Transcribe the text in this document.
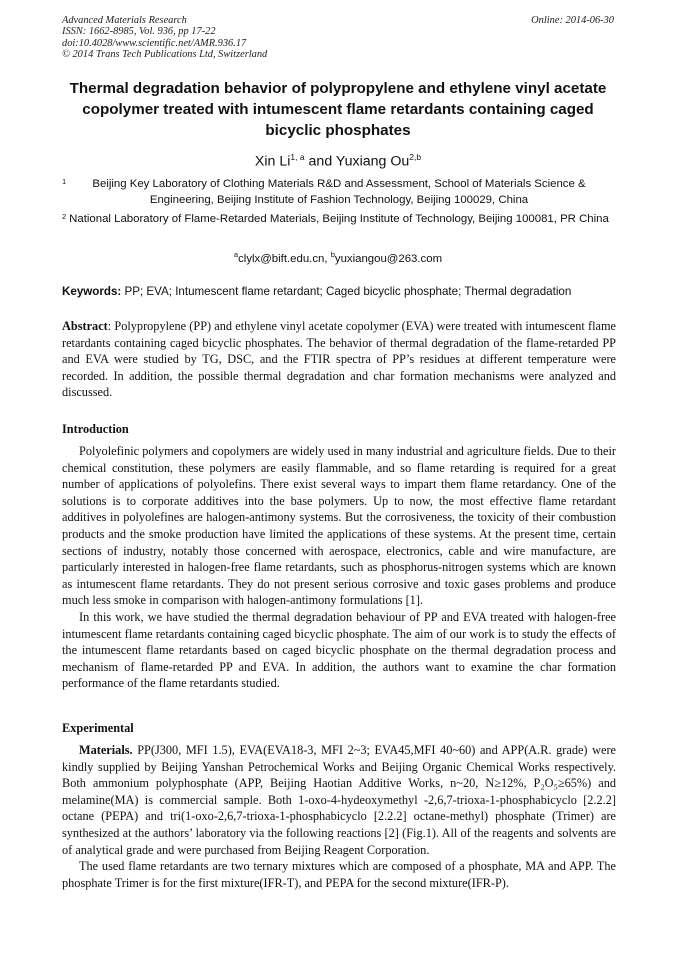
Advanced Materials Research
ISSN: 1662-8985, Vol. 936, pp 17-22
doi:10.4028/www.scientific.net/AMR.936.17
© 2014 Trans Tech Publications Ltd, Switzerland
Online: 2014-06-30
Thermal degradation behavior of polypropylene and ethylene vinyl acetate copolymer treated with intumescent flame retardants containing caged bicyclic phosphates
Xin Li$^{1, a}$ and Yuxiang Ou$^{2,b}$
1	Beijing Key Laboratory of Clothing Materials R&D and Assessment, School of Materials Science & Engineering, Beijing Institute of Fashion Technology, Beijing 100029, China
2 National Laboratory of Flame-Retarded Materials, Beijing Institute of Technology, Beijing 100081, PR China
$^a$clylx@bift.edu.cn, $^b$yuxiangou@263.com
Keywords: PP; EVA; Intumescent flame retardant; Caged bicyclic phosphate; Thermal degradation

Abstract: Polypropylene (PP) and ethylene vinyl acetate copolymer (EVA) were treated with intumescent flame retardants containing caged bicyclic phosphates. The behavior of thermal degradation of the flame-retarded PP and EVA were studied by TG, DSC, and the FTIR spectra of PP’s residues at different temperature were recorded. In addition, the possible thermal degradation and char formation mechanisms were analyzed and discussed.

Introduction

Polyolefinic polymers and copolymers are widely used in many industrial and agriculture fields. Due to their chemical constitution, these polymers are easily flammable, and so flame retarding is required for a great number of applications of polyolefins. There exist several ways to impart them flame retardancy. One of the solutions is to corporate additives into the base polymers. Up to now, the most effective flame retardant additives in polyolefines are halogen-antimony systems. But the corrosiveness, the toxicity of their combustion products and the smoke production have limited the applications of these systems. At the present time, certain sections of industry, notably those concerned with aerospace, electronics, cable and wire manufacture, are particularly interested in halogen-free flame retardants, such as phosphorus-nitrogen systems which are known as intumescent flame retardants. They do not present serious corrosive and toxic gases problems and produce much less smoke in comparison with halogen-antimony formulations [1].

In this work, we have studied the thermal degradation behaviour of PP and EVA treated with halogen-free intumescent flame retardants containing caged bicyclic phosphate. The aim of our work is to study the effects of the intumescent flame retardants based on caged bicyclic phosphate on the thermal degradation process and mechanism of flame-retarded PP and EVA. In addition, the authors want to examine the char formation performance of the flame retardants studied.

Experimental

Materials. PP(J300, MFI 1.5), EVA(EVA18-3, MFI 2~3; EVA45,MFI 40~60) and APP(A.R. grade) were kindly supplied by Beijing Yanshan Petrochemical Works and Beijing Organic Chemical Works respectively. Both ammonium polyphosphate (APP, Beijing Haotian Additive Works, n~20, N≥12%, P₂O₅≥65%) and melamine(MA) is commercial sample. Both 1-oxo-4-hydeoxymethyl -2,6,7-trioxa-1-phosphabicyclo [2.2.2] octane (PEPA) and tri(1-oxo-2,6,7-trioxa-1-phosphabicyclo [2.2.2] octane-methyl) phosphate (Trimer) are synthesized at the authors’ laboratory via the following reactions [2] (Fig.1). All of the reagents and solvents are of analytical grade and were purchased from Beijing Reagent Corporation.

The used flame retardants are two ternary mixtures which are composed of a phosphate, MA and APP. The phosphate Trimer is for the first mixture(IFR-T), and PEPA for the second mixture(IFR-P).
